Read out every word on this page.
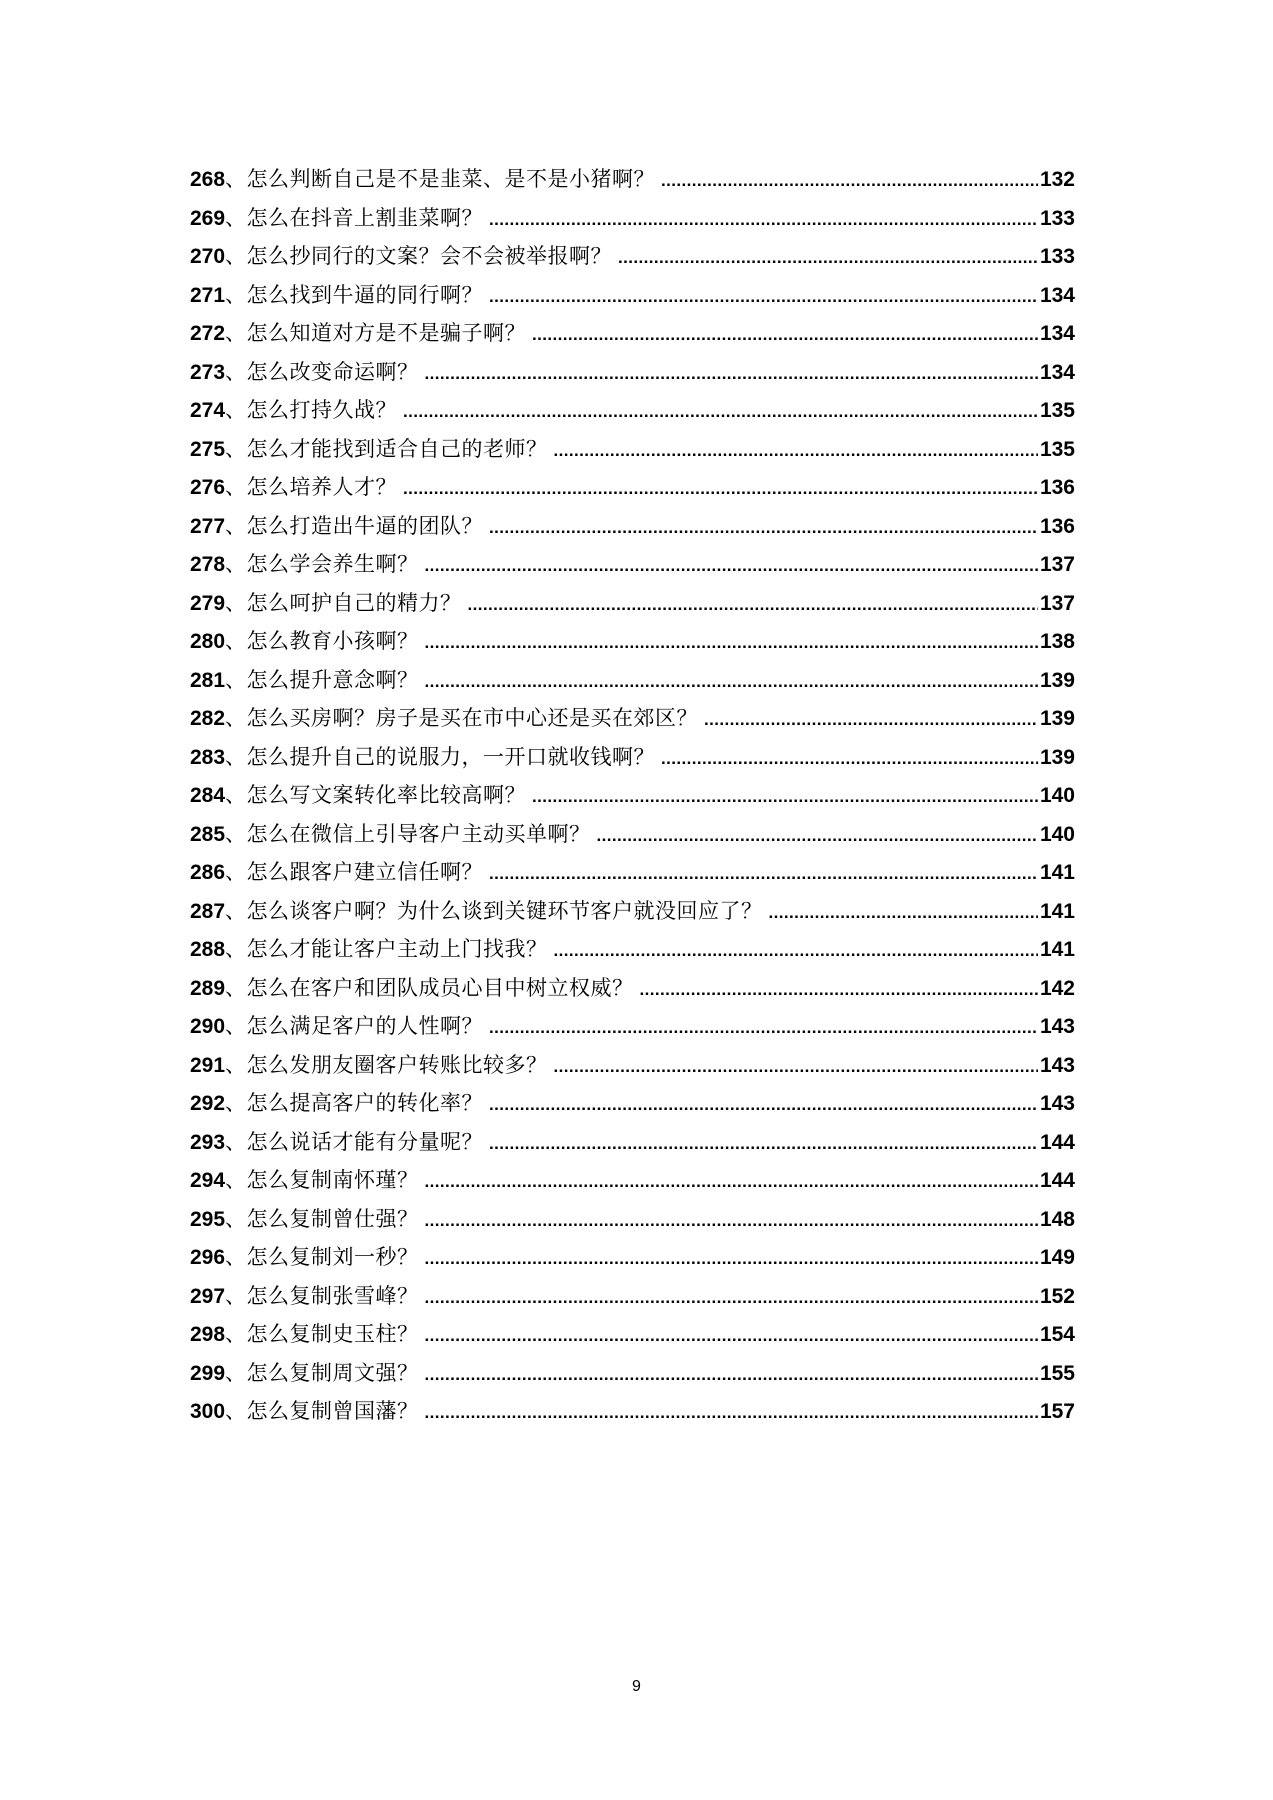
268 、 怎么判断自己是不是韭菜、是不是小猪啊？ .....	132
269 、 怎么在抖音上割韭菜啊？ .....	133
270 、 怎么抄同行的文案？会不会被举报啊？ .....	133
271 、 怎么找到牛逼的同行啊？ .....	134
272 、 怎么知道对方是不是骗子啊？ .....	134
273 、 怎么改变命运啊？ .....	134
274 、 怎么打持久战？ .....	135
275 、 怎么才能找到适合自己的老师？ .....	135
276 、 怎么培养人才？ .....	136
277 、 怎么打造出牛逼的团队？ .....	136
278 、 怎么学会养生啊？ .....	137
279 、 怎么呵护自己的精力？ .....	137
280 、 怎么教育小孩啊？ .....	138
281 、 怎么提升意念啊？ .....	139
282 、 怎么买房啊？房子是买在市中心还是买在郊区？ .....	139
283 、 怎么提升自己的说服力，一开口就收钱啊？ .....	139
284 、 怎么写文案转化率比较高啊？ .....	140
285 、 怎么在微信上引导客户主动买单啊？ .....	140
286 、 怎么跟客户建立信任啊？ .....	141
287 、 怎么谈客户啊？为什么谈到关键环节客户就没回应了？ .....	141
288 、 怎么才能让客户主动上门找我？ .....	141
289 、 怎么在客户和团队成员心目中树立权威？ .....	142
290 、 怎么满足客户的人性啊？ .....	143
291 、 怎么发朋友圈客户转账比较多？ .....	143
292 、 怎么提高客户的转化率？ .....	143
293 、 怎么说话才能有分量呢？ .....	144
294 、 怎么复制南怀瑾？ .....	144
295 、 怎么复制曾仕强？ .....	148
296 、 怎么复制刘一秒？ .....	149
297 、 怎么复制张雪峰？ .....	152
298 、 怎么复制史玉柱？ .....	154
299 、 怎么复制周文强？ .....	155
300 、 怎么复制曾国藩？ .....	157
9
